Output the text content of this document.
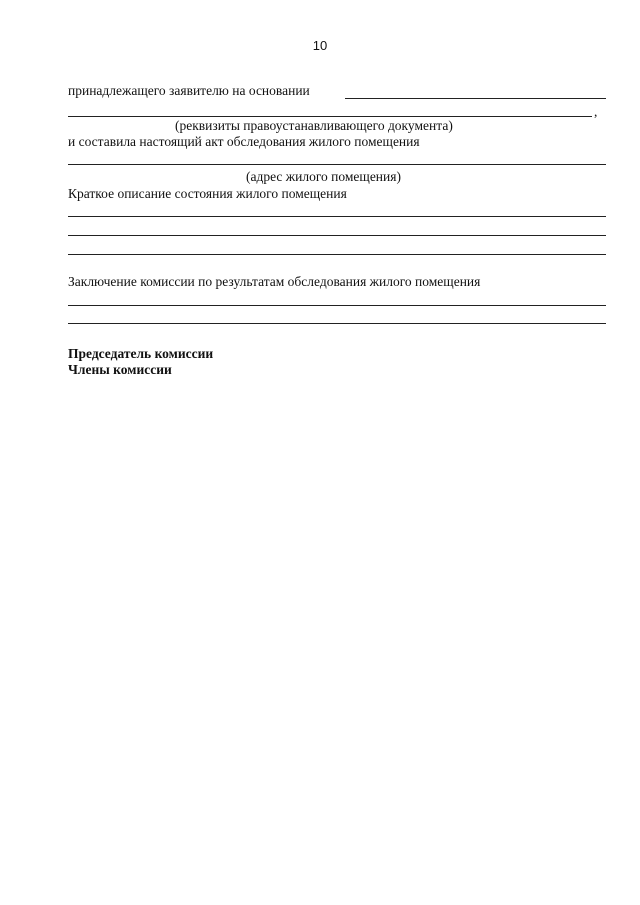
10
принадлежащего заявителю на основании
,
(реквизиты правоустанавливающего документа)
и составила настоящий акт обследования жилого помещения
(адрес жилого помещения)
Краткое описание состояния жилого помещения
Заключение комиссии по результатам обследования жилого помещения
Председатель комиссии
Члены комиссии
